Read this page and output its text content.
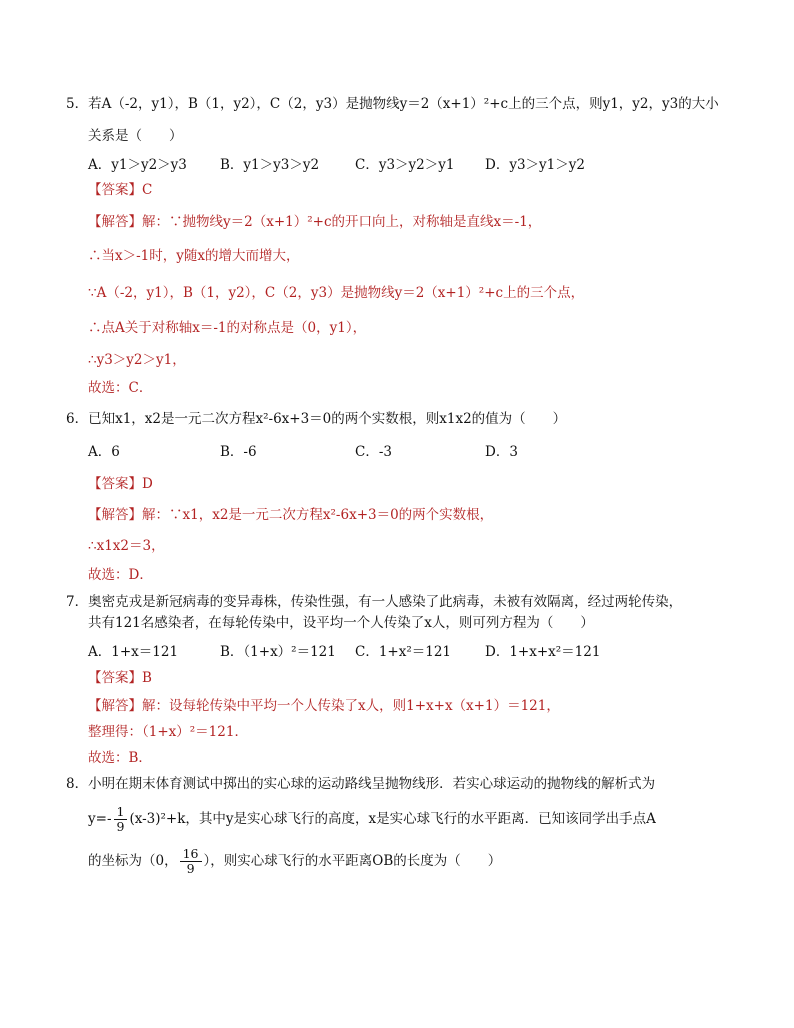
5．若A（-2，y1），B（1，y2），C（2，y3）是抛物线y＝2（x+1）²+c上的三个点，则y1，y2，y3的大小
关系是（　　）
A．y1＞y2＞y3 B．y1＞y3＞y2	C．y3＞y2＞y1 D．y3＞y1＞y2
【答案】C
【解答】解：∵抛物线y＝2（x+1）²+c的开口向上，对称轴是直线x＝-1，
∴当x＞-1时，y随x的增大而增大，
∵A（-2，y1），B（1，y2），C（2，y3）是抛物线y＝2（x+1）²+c上的三个点，
∴点A关于对称轴x＝-1的对称点是（0，y1），
∴y3＞y2＞y1，
故选：C．
6．已知x1，x2是一元二次方程x²-6x+3＝0的两个实数根，则x1x2的值为（　　）
A．6	B．-6	C．-3	D．3
【答案】D
【解答】解：∵x1，x2是一元二次方程x²-6x+3＝0的两个实数根，
∴x1x2＝3，
故选：D．
7．奥密克戎是新冠病毒的变异毒株，传染性强，有一人感染了此病毒，未被有效隔离，经过两轮传染，
共有121名感染者，在每轮传染中，设平均一个人传染了x人，则可列方程为（　　）
A．1+x＝121	B．（1+x）²＝121 C．1+x²＝121	D．1+x+x²＝121
【答案】B
【解答】解：设每轮传染中平均一个人传染了x人，则1+x+x（x+1）＝121，
整理得：（1+x）²＝121．
故选：B．
8．小明在期末体育测试中掷出的实心球的运动路线呈抛物线形．若实心球运动的抛物线的解析式为
$y=- \frac{1}{9} (x-3)^2+k$，其中y是实心球飞行的高度，x是实心球飞行的水平距离．已知该同学出手点A
的坐标为（0， $\frac{16}{9}$ ），则实心球飞行的水平距离OB的长度为（　　）
